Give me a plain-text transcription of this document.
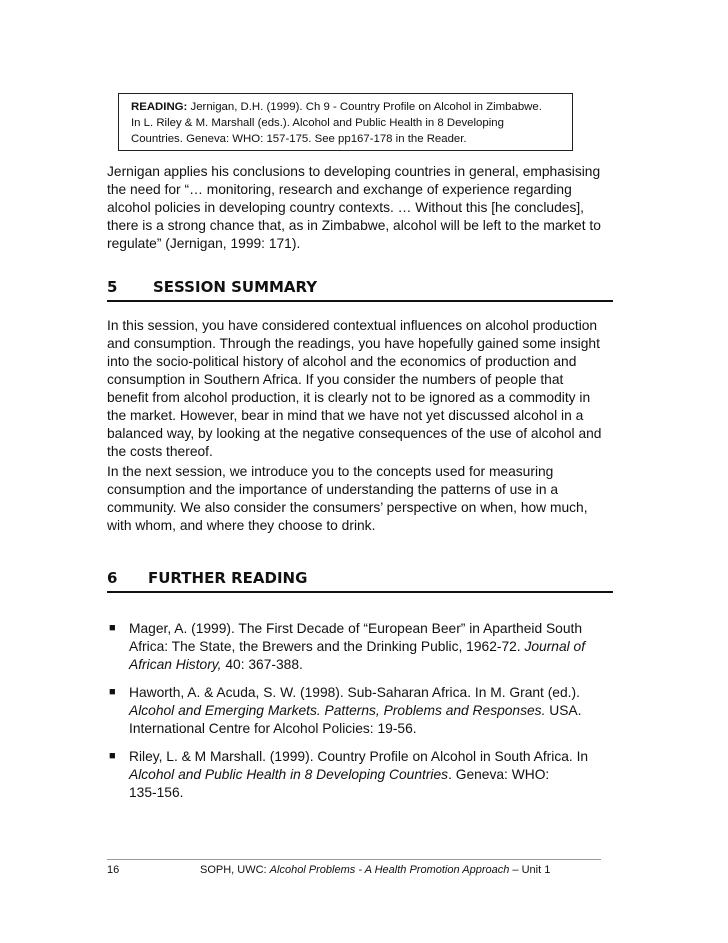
READING: Jernigan, D.H. (1999). Ch 9 - Country Profile on Alcohol in Zimbabwe.
In L. Riley & M. Marshall (eds.). Alcohol and Public Health in 8 Developing
Countries. Geneva: WHO: 157-175. See pp167-178 in the Reader.
Jernigan applies his conclusions to developing countries in general, emphasising
the need for “… monitoring, research and exchange of experience regarding
alcohol policies in developing country contexts. … Without this [he concludes],
there is a strong chance that, as in Zimbabwe, alcohol will be left to the market to
regulate” (Jernigan, 1999: 171).
5 SESSION SUMMARY
In this session, you have considered contextual influences on alcohol production
and consumption. Through the readings, you have hopefully gained some insight
into the socio-political history of alcohol and the economics of production and
consumption in Southern Africa. If you consider the numbers of people that
benefit from alcohol production, it is clearly not to be ignored as a commodity in
the market. However, bear in mind that we have not yet discussed alcohol in a
balanced way, by looking at the negative consequences of the use of alcohol and
the costs thereof.
In the next session, we introduce you to the concepts used for measuring
consumption and the importance of understanding the patterns of use in a
community. We also consider the consumers’ perspective on when, how much,
with whom, and where they choose to drink.
6 FURTHER READING
■ Mager, A. (1999). The First Decade of “European Beer” in Apartheid South
Africa: The State, the Brewers and the Drinking Public, 1962-72. Journal of
African History, 40: 367-388.
■ Haworth, A. & Acuda, S. W. (1998). Sub-Saharan Africa. In M. Grant (ed.).
Alcohol and Emerging Markets. Patterns, Problems and Responses. USA.
International Centre for Alcohol Policies: 19-56.
■ Riley, L. & M Marshall. (1999). Country Profile on Alcohol in South Africa. In
Alcohol and Public Health in 8 Developing Countries. Geneva: WHO:
135-156.
16	SOPH, UWC: Alcohol Problems - A Health Promotion Approach – Unit 1
